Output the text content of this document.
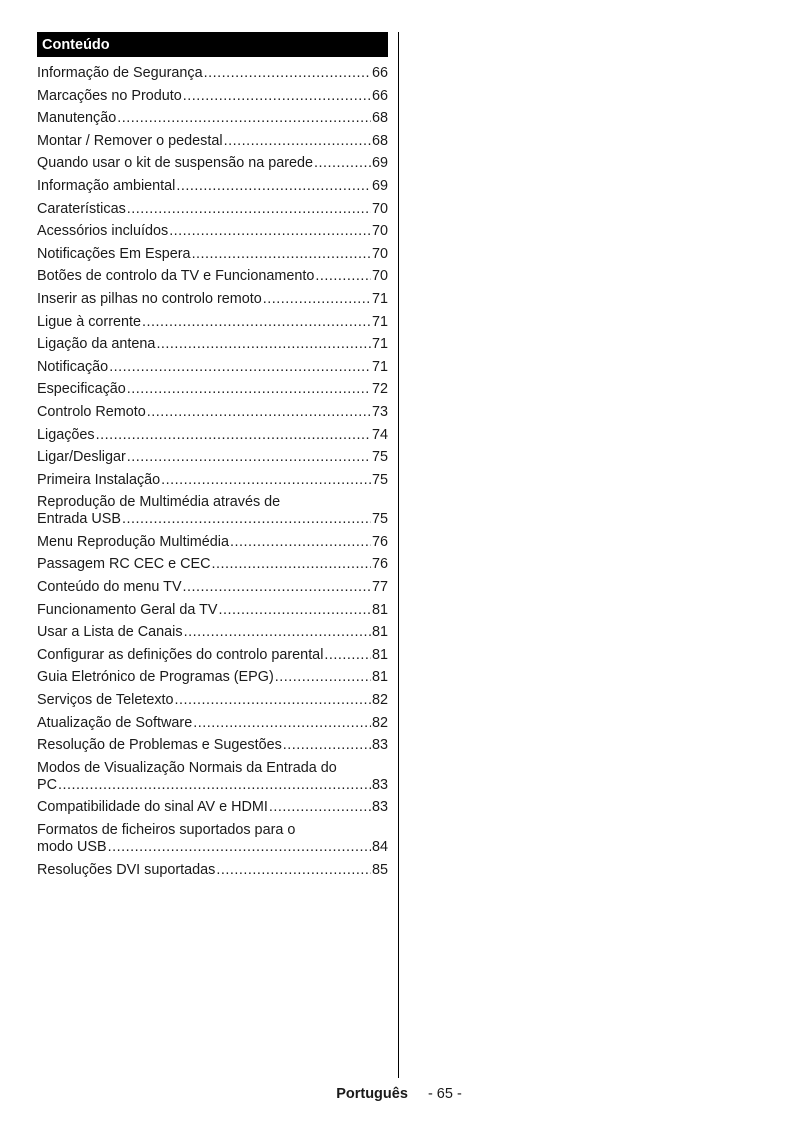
Conteúdo
Informação de Segurança .....	66
Marcações no Produto .....	66
Manutenção .....	68
Montar / Remover o pedestal .....	68
Quando usar o kit de suspensão na parede .....	69
Informação ambiental .....	69
Caraterísticas .....	70
Acessórios incluídos .....	70
Notificações Em Espera .....	70
Botões de controlo da TV e Funcionamento .....	70
Inserir as pilhas no controlo remoto .....	71
Ligue à corrente .....	71
Ligação da antena .....	71
Notificação .....	71
Especificação .....	72
Controlo Remoto .....	73
Ligações .....	74
Ligar/Desligar .....	75
Primeira Instalação .....	75
Reprodução de Multimédia através de
Entrada USB .....	75
Menu Reprodução Multimédia .....	76
Passagem RC CEC e CEC .....	76
Conteúdo do menu TV .....	77
Funcionamento Geral da TV .....	81
Usar a Lista de Canais .....	81
Configurar as definições do controlo parental .....	81
Guia Eletrónico de Programas (EPG) .....	81
Serviços de Teletexto .....	82
Atualização de Software .....	82
Resolução de Problemas e Sugestões .....	83
Modos de Visualização Normais da Entrada do
PC .....	83
Compatibilidade do sinal AV e HDMI .....	83
Formatos de ficheiros suportados para o
modo USB .....	84
Resoluções DVI suportadas .....	85
Português - 65 -
